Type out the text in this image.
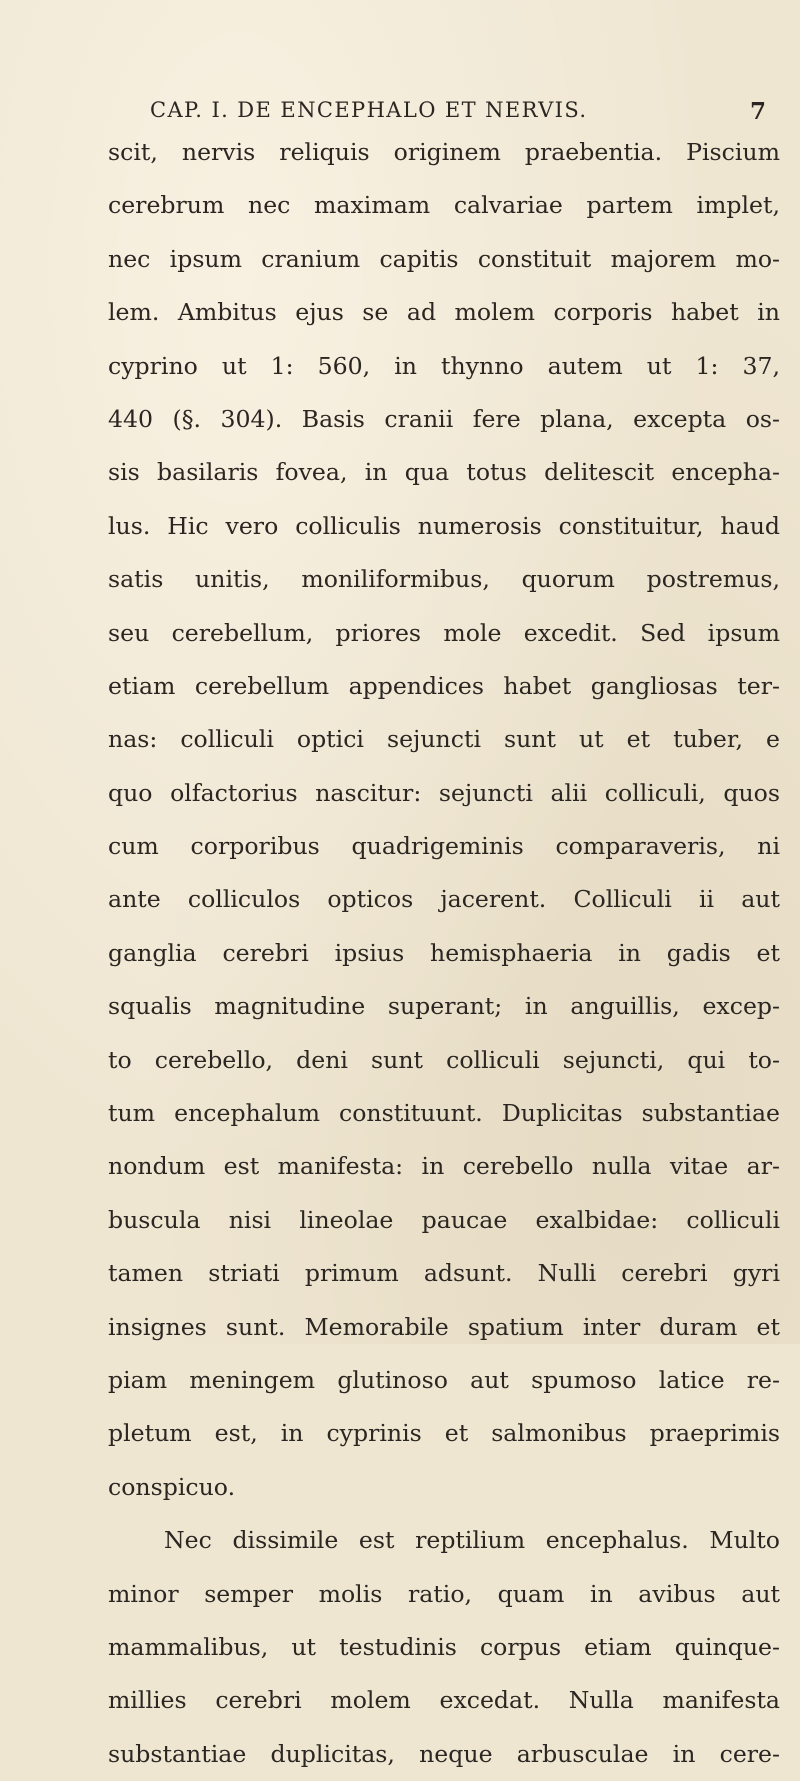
CAP. I. DE ENCEPHALO ET NERVIS.	7
scit, nervis reliquis originem praebentia. Piscium
cerebrum nec maximam calvariae partem implet,
nec ipsum cranium capitis constituit majorem mo-
lem. Ambitus ejus se ad molem corporis habet in
cyprino ut 1: 560, in thynno autem ut 1: 37,
440 (§. 304). Basis cranii fere plana, excepta os-
sis basilaris fovea, in qua totus delitescit encepha-
lus. Hic vero colliculis numerosis constituitur, haud
satis unitis, moniliformibus, quorum postremus,
seu cerebellum, priores mole excedit. Sed ipsum
etiam cerebellum appendices habet gangliosas ter-
nas: colliculi optici sejuncti sunt ut et tuber, e
quo olfactorius nascitur: sejuncti alii colliculi, quos
cum corporibus quadrigeminis comparaveris, ni
ante colliculos opticos jacerent. Colliculi ii aut
ganglia cerebri ipsius hemisphaeria in gadis et
squalis magnitudine superant; in anguillis, excep-
to cerebello, deni sunt colliculi sejuncti, qui to-
tum encephalum constituunt. Duplicitas substantiae
nondum est manifesta: in cerebello nulla vitae ar-
buscula nisi lineolae paucae exalbidae: colliculi
tamen striati primum adsunt. Nulli cerebri gyri
insignes sunt. Memorabile spatium inter duram et
piam meningem glutinoso aut spumoso latice re-
pletum est, in cyprinis et salmonibus praeprimis
conspicuo.
Nec dissimile est reptilium encephalus. Multo
minor semper molis ratio, quam in avibus aut
mammalibus, ut testudinis corpus etiam quinque-
millies cerebri molem excedat. Nulla manifesta
substantiae duplicitas, neque arbusculae in cere-
